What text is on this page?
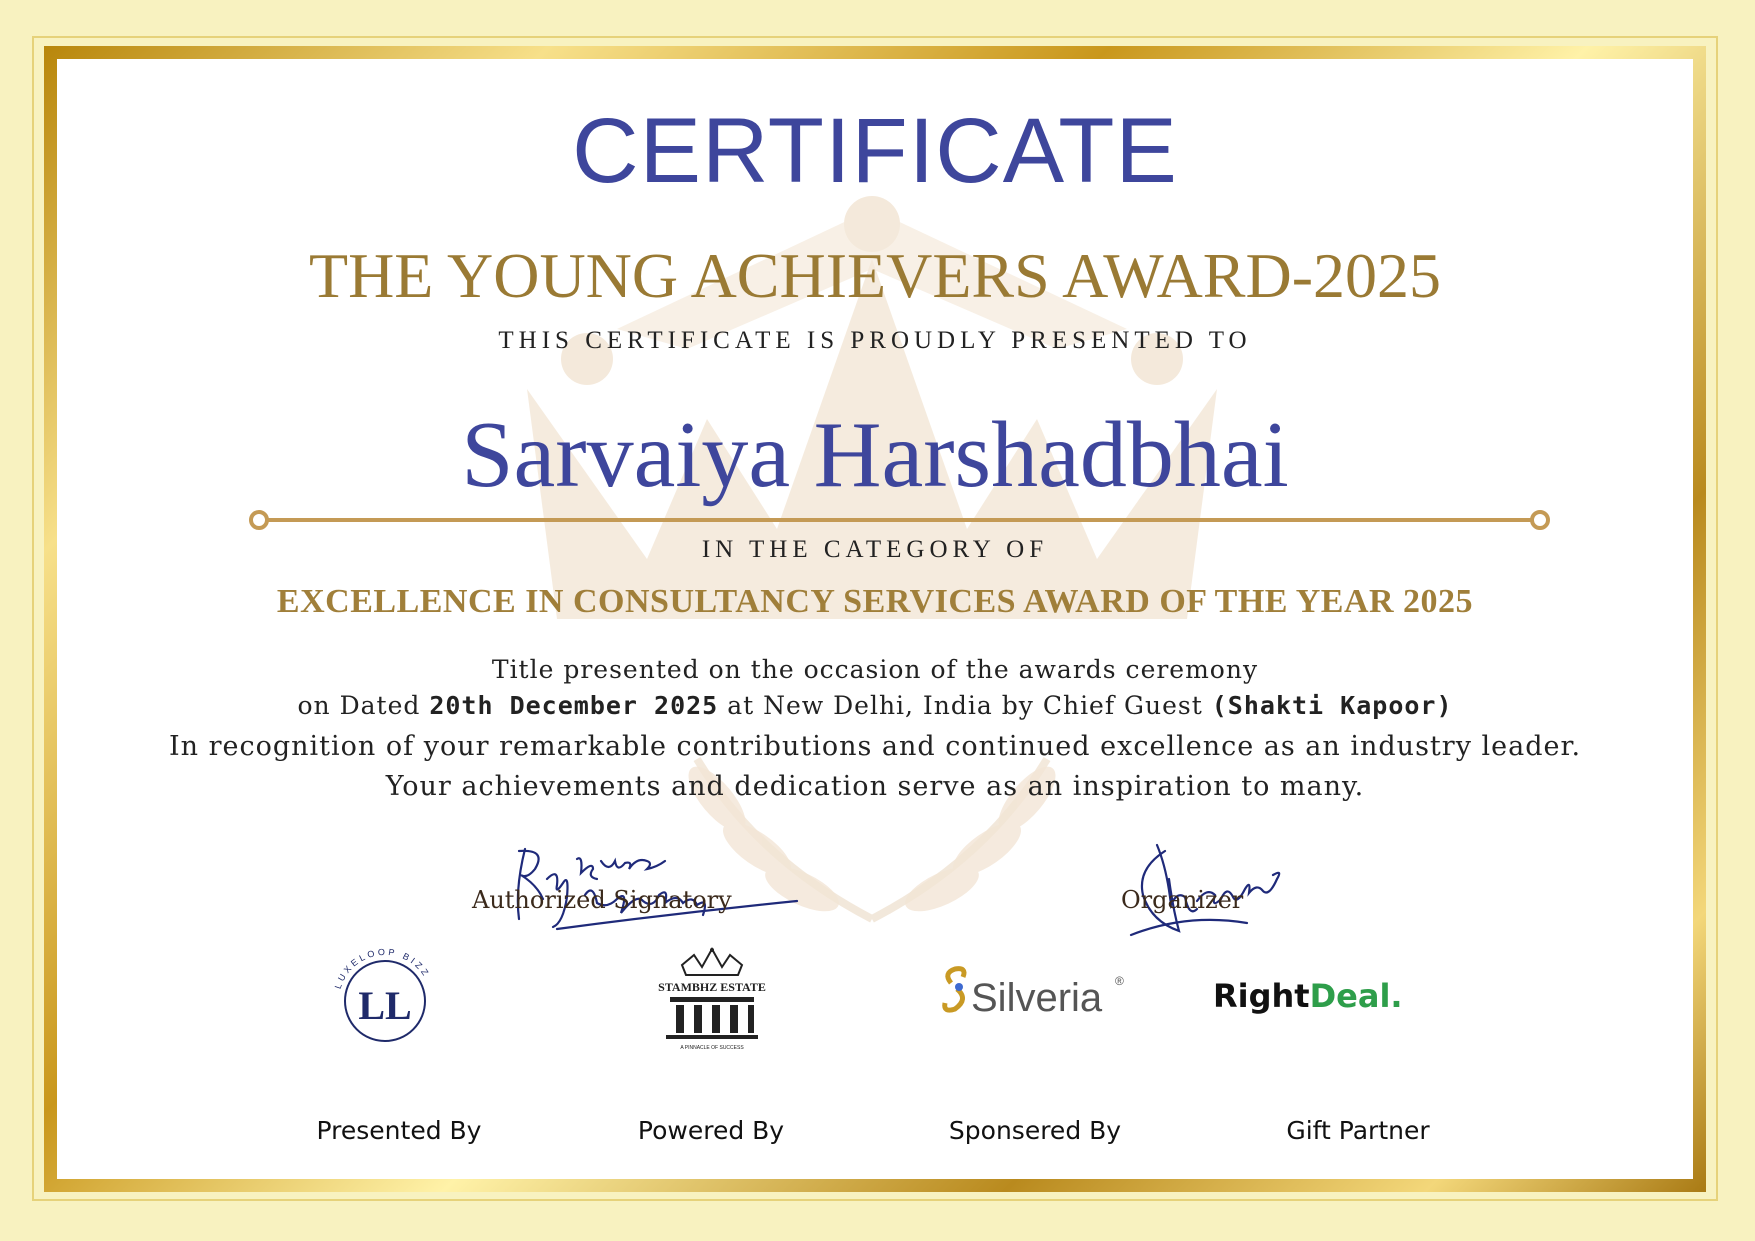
CERTIFICATE
THE YOUNG ACHIEVERS AWARD-2025
THIS CERTIFICATE IS PROUDLY PRESENTED TO
Sarvaiya Harshadbhai
IN THE CATEGORY OF
EXCELLENCE IN CONSULTANCY SERVICES AWARD OF THE YEAR 2025
Title presented on the occasion of the awards ceremony
on Dated 20th December 2025 at New Delhi, India by Chief Guest (Shakti Kapoor)
In recognition of your remarkable contributions and continued excellence as an industry leader.
Your achievements and dedication serve as an inspiration to many.
Authorized Signatory	Organizer
LUXELOOP BIZZ
LL	STAMBHZ ESTATE
A PINNACLE OF SUCCESS
Silveria ®	RightDeal.
Presented By	Powered By	Sponsered By	Gift Partner
